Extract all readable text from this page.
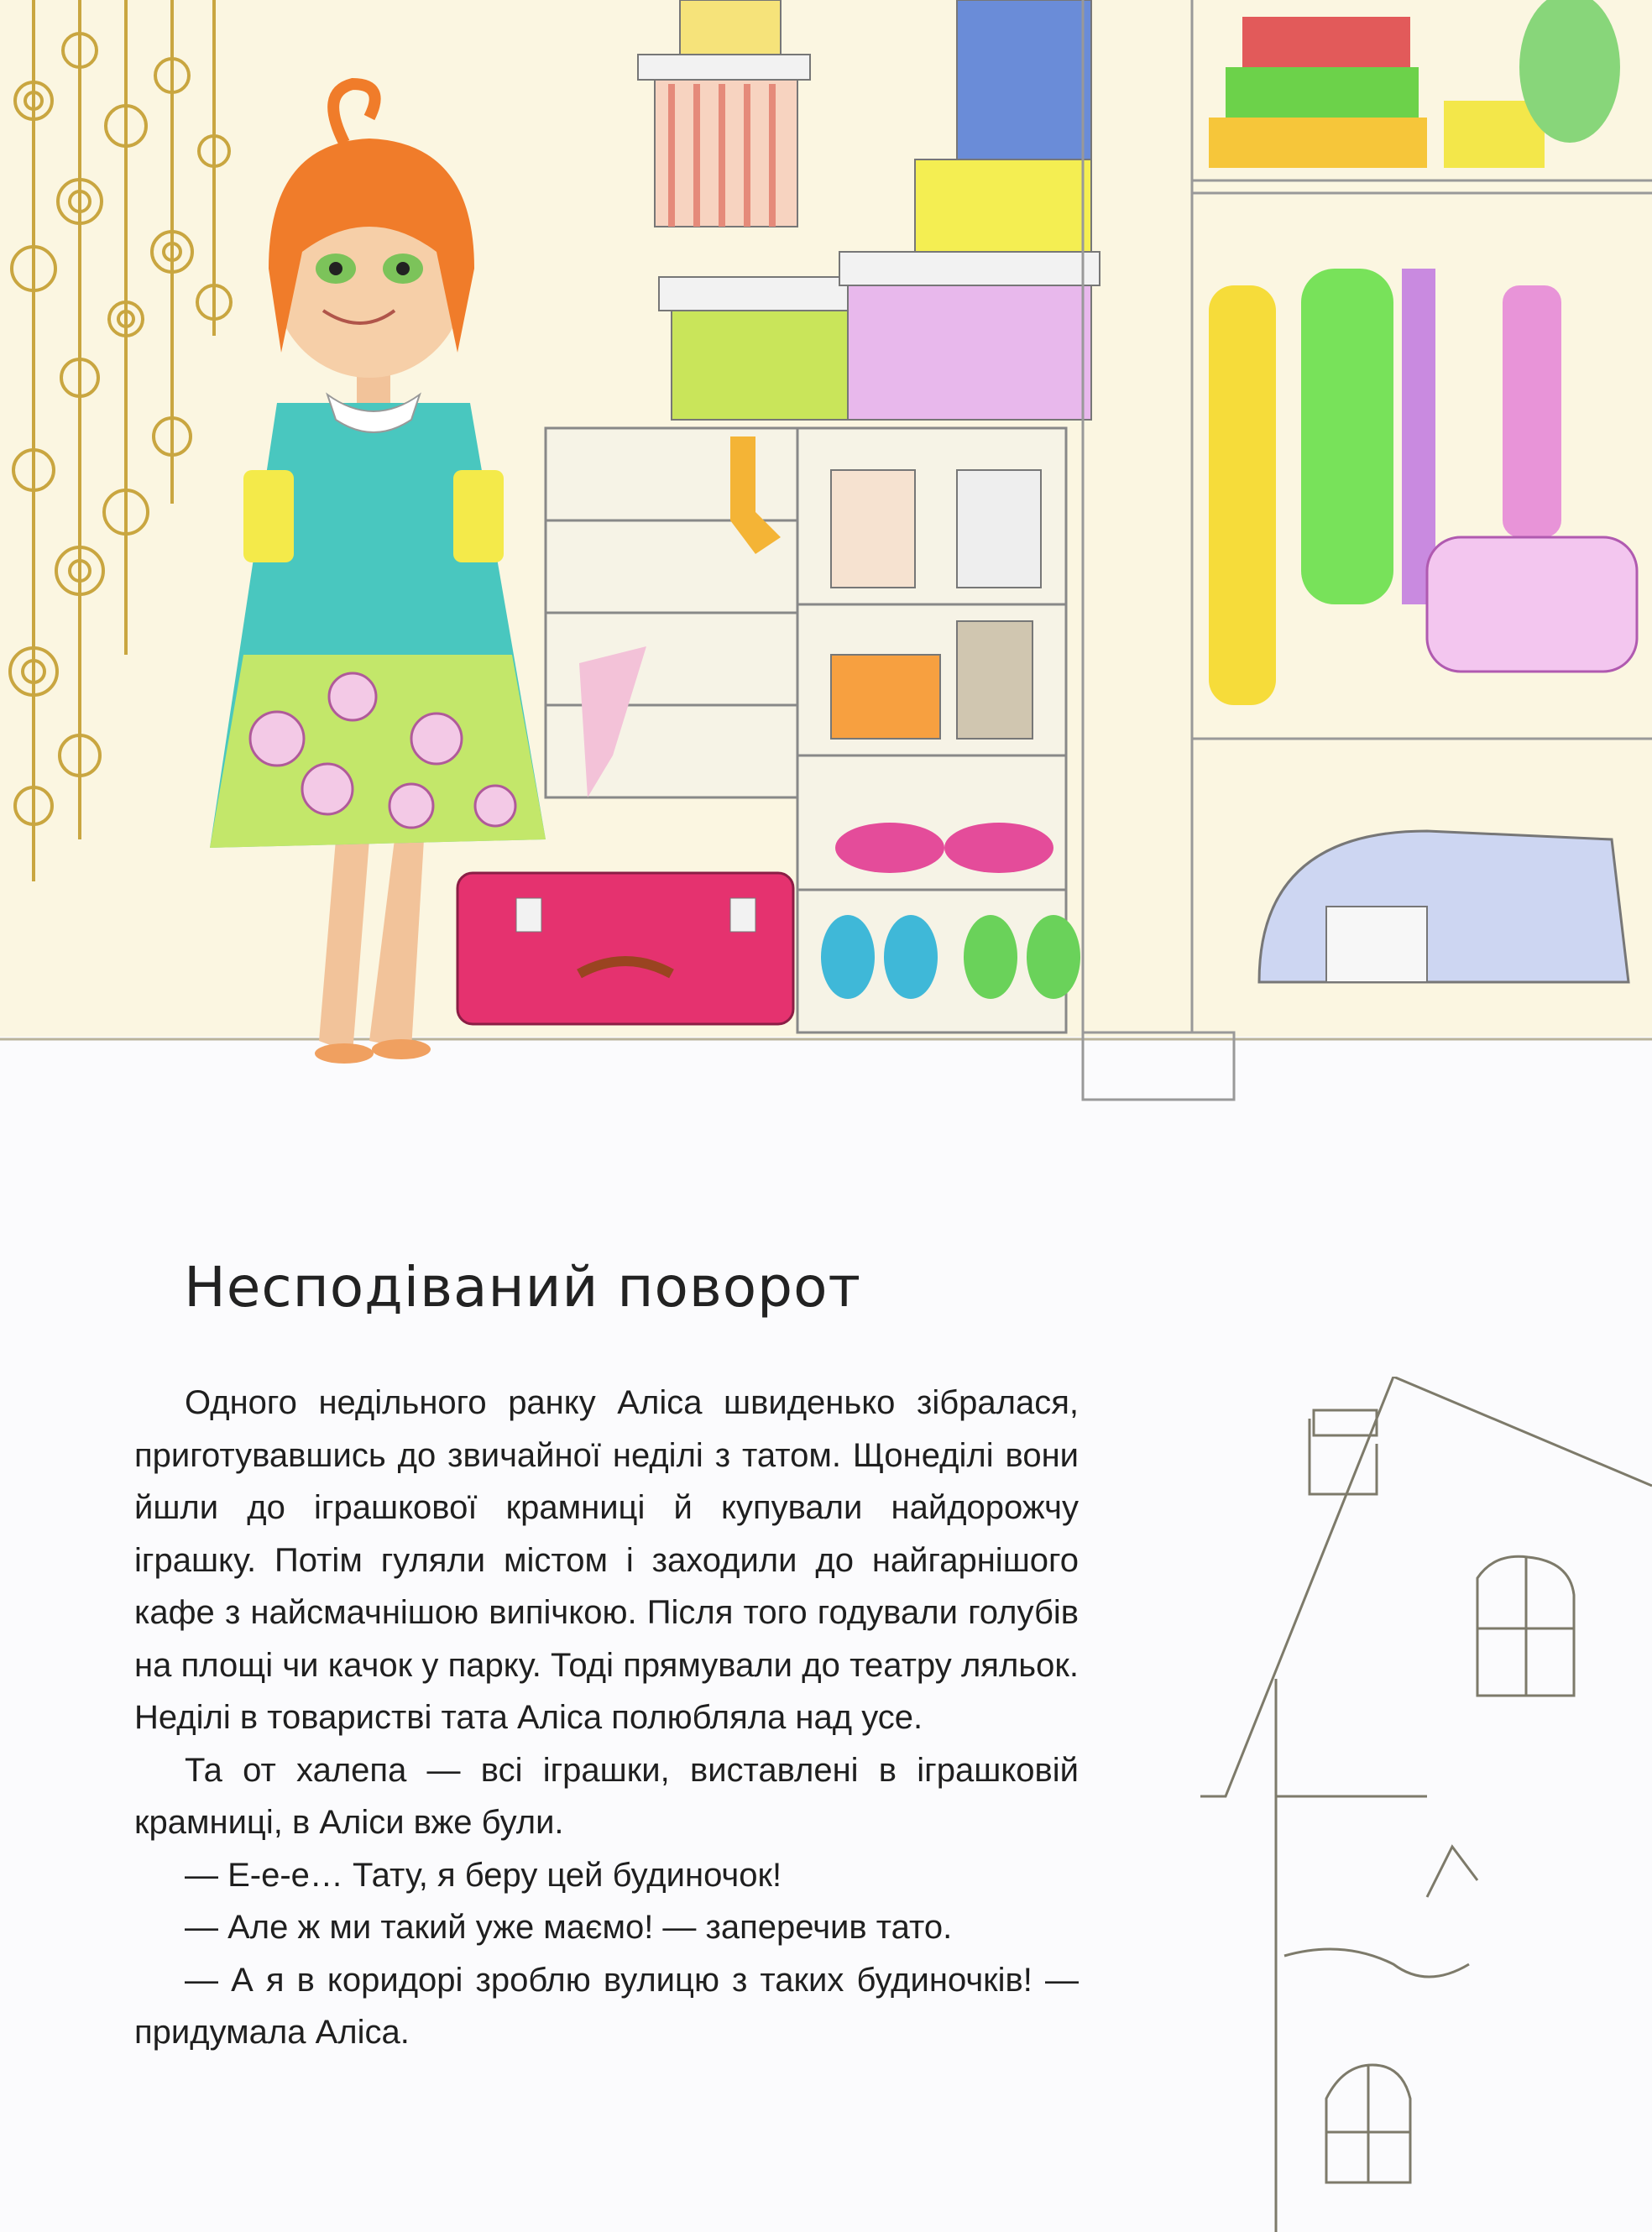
Несподіваний поворот

Одного недільного ранку Аліса швиденько зібралася, приготувавшись до звичайної неділі з татом. Щонеділі вони йшли до іграшкової крамниці й купували найдорожчу іграшку. Потім гуляли містом і заходили до найгарнішого кафе з найсмачнішою випічкою. Після того годували голубів на площі чи качок у парку. Тоді прямували до театру ляльок. Неділі в товаристві тата Аліса полюбляла над усе.

Та от халепа — всі іграшки, виставлені в іграшковій крамниці, в Аліси вже були.

— Е-е-е… Тату, я беру цей будиночок!

— Але ж ми такий уже маємо! — заперечив тато.

— А я в коридорі зроблю вулицю з таких будиночків! — придумала Аліса.
